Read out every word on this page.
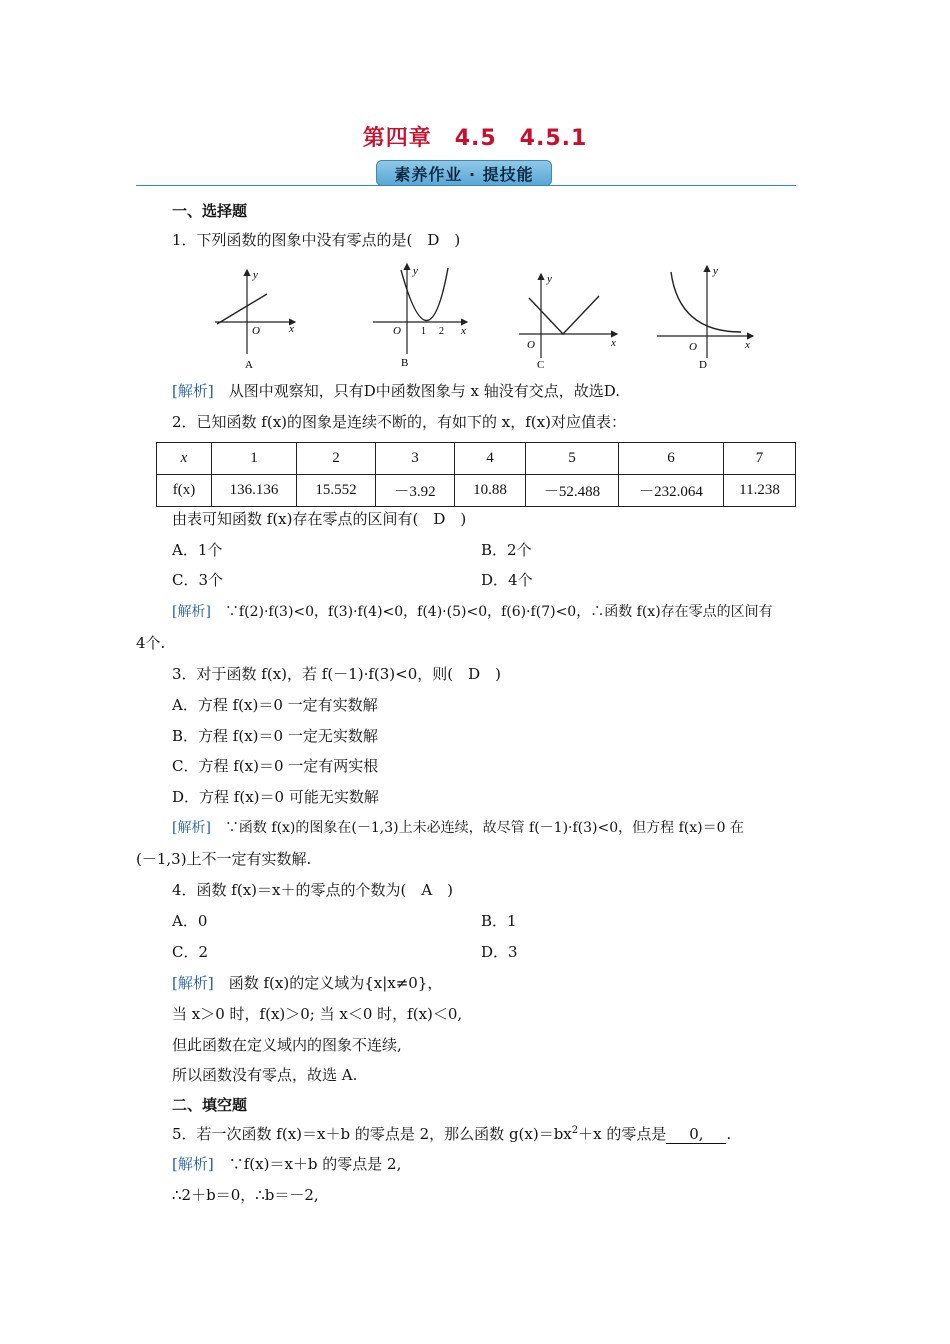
第四章　4.5　4.5.1
素养作业 · 提技能
一、选择题
1．下列函数的图象中没有零点的是(　D　)
y
x
O
A
y
x
O 1 2
B
y
x
O
C
y
x
O
D
[解析]　 从图中观察知，只有D中函数图象与 x 轴没有交点，故选D.
2．已知函数 f(x)的图象是连续不断的，有如下的 x，f(x)对应值表：
x	1	2	3	4	5	6	7
f(x)	136.136	15.552	－3.92	10.88	－52.488	－232.064	11.238
由表可知函数 f(x)存在零点的区间有(　D　)
A．1个	B．2个
C．3个	D．4个
[解析]　 ∵f(2)·f(3)<0，f(3)·f(4)<0，f(4)·(5)<0，f(6)·f(7)<0，∴函数 f(x)存在零点的区间有
4个.
3．对于函数 f(x)，若 f(－1)·f(3)<0，则(　D　)
A．方程 f(x)＝0 一定有实数解
B．方程 f(x)＝0 一定无实数解
C．方程 f(x)＝0 一定有两实根
D．方程 f(x)＝0 可能无实数解
[解析]　 ∵函数 f(x)的图象在(－1,3)上未必连续，故尽管 f(－1)·f(3)<0，但方程 f(x)＝0 在
(－1,3)上不一定有实数解.
4．函数 f(x)＝x＋的零点的个数为(　A　)
A．0	B．1
C．2	D．3
[解析]　 函数 f(x)的定义域为{x|x≠0}，
当 x＞0 时，f(x)＞0; 当 x＜0 时，f(x)＜0,
但此函数在定义域内的图象不连续,
所以函数没有零点，故选 A.
二、填空题
5．若一次函数 f(x)＝x＋b 的零点是 2，那么函数 $g(x)=bx^2+x$ 的零点是 0, .
[解析]　 ∵f(x)＝x＋b 的零点是 2,
∴2＋b＝0，∴b＝－2,
